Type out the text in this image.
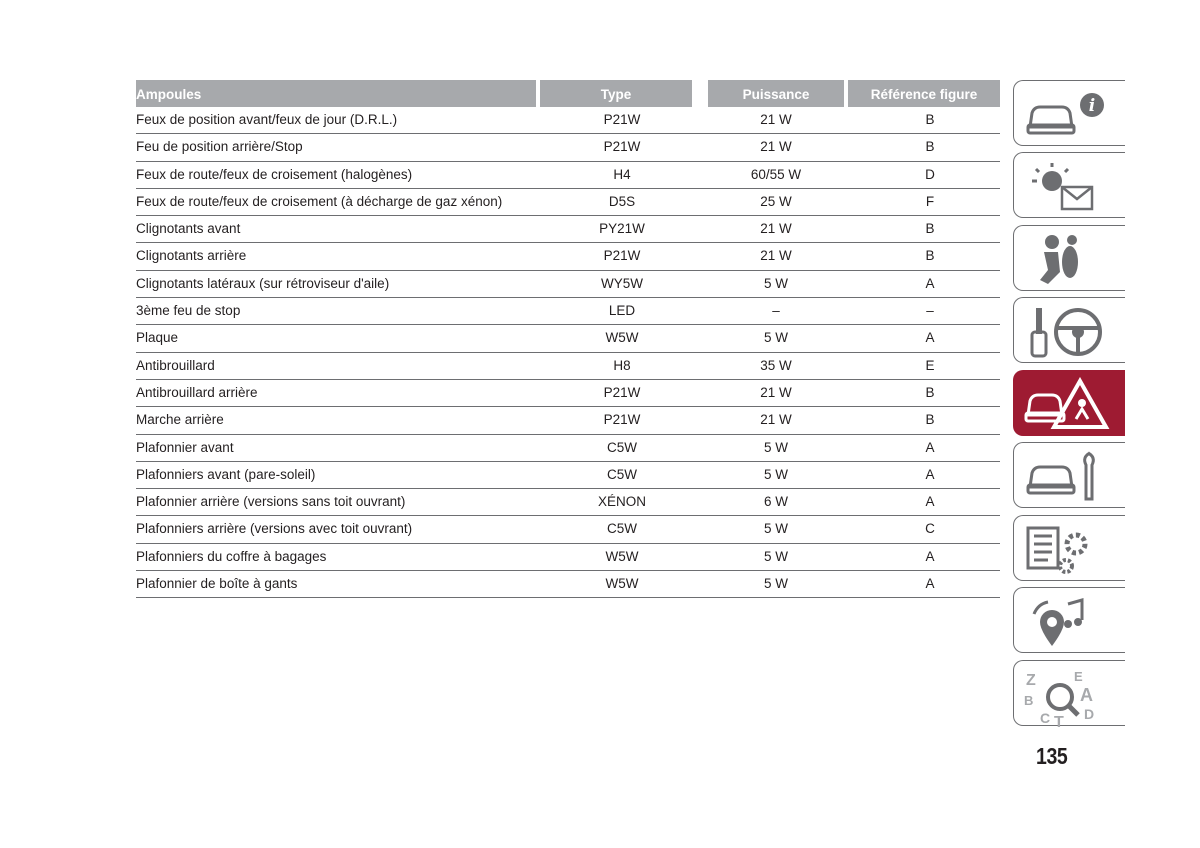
Ampoules	Type	Puissance	Référence figure
Feux de position avant/feux de jour (D.R.L.)	P21W	21 W	B
Feu de position arrière/Stop	P21W	21 W	B
Feux de route/feux de croisement (halogènes)	H4	60/55 W	D
Feux de route/feux de croisement (à décharge de gaz xénon)	D5S	25 W	F
Clignotants avant	PY21W	21 W	B
Clignotants arrière	P21W	21 W	B
Clignotants latéraux (sur rétroviseur d'aile)	WY5W	5 W	A
3ème feu de stop	LED	–	–
Plaque	W5W	5 W	A
Antibrouillard	H8	35 W	E
Antibrouillard arrière	P21W	21 W	B
Marche arrière	P21W	21 W	B
Plafonnier avant	C5W	5 W	A
Plafonniers avant (pare-soleil)	C5W	5 W	A
Plafonnier arrière (versions sans toit ouvrant)	XÉNON	6 W	A
Plafonniers arrière (versions avec toit ouvrant)	C5W	5 W	C
Plafonniers du coffre à bagages	W5W	5 W	A
Plafonnier de boîte à gants	W5W	5 W	A
i
Z	E
B	A
C T D
135
